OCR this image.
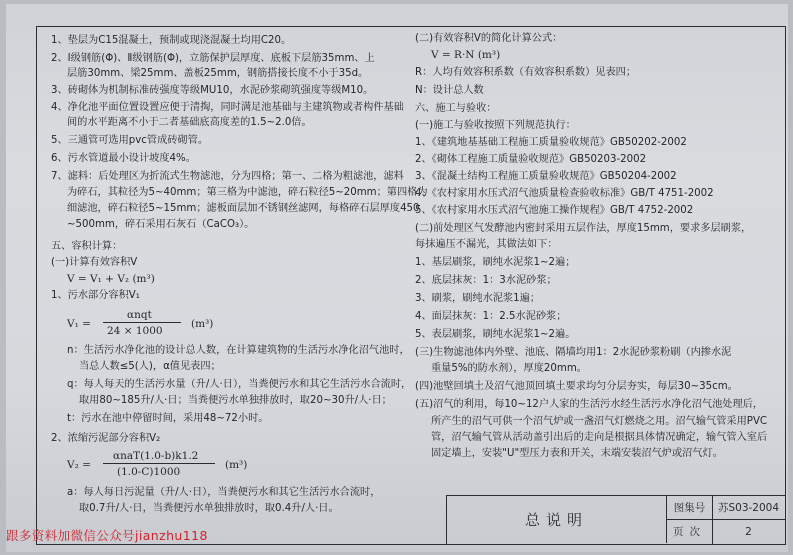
1、垫层为C15混凝土，预制或现浇混凝土均用C20。
2、Ⅰ级钢筋(Φ)、Ⅱ级钢筋(Φ)，立筋保护层厚度、底板下层筋35mm、上
层筋30mm、梁25mm、盖板25mm，钢筋搭接长度不小于35d。
3、砖砌体为机制标准砖强度等级MU10，水泥砂浆砌筑强度等级M10。
4、净化池平面位置设置应便于清掏，同时满足池基础与主建筑物或者构件基础
间的水平距离不小于二者基础底高度差的1.5~2.0倍。
5、三通管可选用pvc管成砖砌管。
6、污水管道最小设计坡度4%。
7、滤料：后处理区为折流式生物滤池，分为四格；第一、二格为粗滤池，滤料
为碎石，其粒径为5~40mm；第三格为中滤池，碎石粒径5~20mm；第四格为
细滤池，碎石粒径5~15mm；滤板面层加不锈钢丝滤网，每格碎石层厚度450
~500mm，碎石采用石灰石（CaCO₃）。
五、容积计算：
(一)计算有效容积V
V = V₁ + V₂ (m³)
1、污水部分容积V₁
V₁ =
αnqt
24 × 1000
(m³)
n：生活污水净化池的设计总人数，在计算建筑物的生活污水净化沼气池时，
当总人数≤5(人)，α值见表四；
q：每人每天的生活污水量（升/人·日），当粪便污水和其它生活污水合流时，
取用80~185升/人·日；当粪便污水单独排放时，取20~30升/人·日；
t：污水在池中停留时间，采用48~72小时。
2、浓缩污泥部分容积V₂
V₂ =
αnaT(1.0-b)k1.2
(1.0-C)1000
(m³)
a：每人每日污泥量（升/人·日），当粪便污水和其它生活污水合流时，
取0.7升/人·日，当粪便污水单独排放时，取0.4升/人·日。
(二)有效容积V的简化计算公式：
V = R·N (m³)
R：人均有效容积系数（有效容积系数）见表四；
N：设计总人数
六、施工与验收：
(一)施工与验收按照下列规范执行：
1、《建筑地基基础工程施工质量验收规范》GB50202-2002
2、《砌体工程施工质量验收规范》GB50203-2002
3、《混凝土结构工程施工质量验收规范》GB50204-2002
4、《农村家用水压式沼气池质量检查验收标准》GB/T 4751-2002
5、《农村家用水压式沼气池施工操作规程》GB/T 4752-2002
(二)前处理区气发酵池内密封采用五层作法，厚度15mm，要求多层刷浆，
每抹遍压不漏光，其做法如下：
1、基层刷浆，刷纯水泥浆1~2遍；
2、底层抹灰：1：3水泥砂浆；
3、刷浆，刷纯水泥浆1遍；
4、面层抹灰：1：2.5水泥砂浆；
5、表层刷浆，刷纯水泥浆1~2遍。
(三)生物滤池体内外壁、池底、隔墙均用1：2水泥砂浆粉刷（内掺水泥
重量5%的防水剂），厚度20mm。
(四)池壁回填土及沼气池顶回填土要求均匀分层夯实，每层30~35cm。
(五)沼气的利用，每10~12户人家的生活污水经生活污水净化沼气池处理后，
所产生的沼气可供一个沼气炉或一盏沼气灯燃烧之用。沼气输气管采用PVC
管，沼气输气管从活动盖引出后的走向是根据具体情况确定，输气管入室后
固定墙上，安装"U"型压力表和开关，末端安装沼气炉或沼气灯。
总说明
图集号	苏S03-2004
页次	2
跟多资料加微信公众号jianzhu118
